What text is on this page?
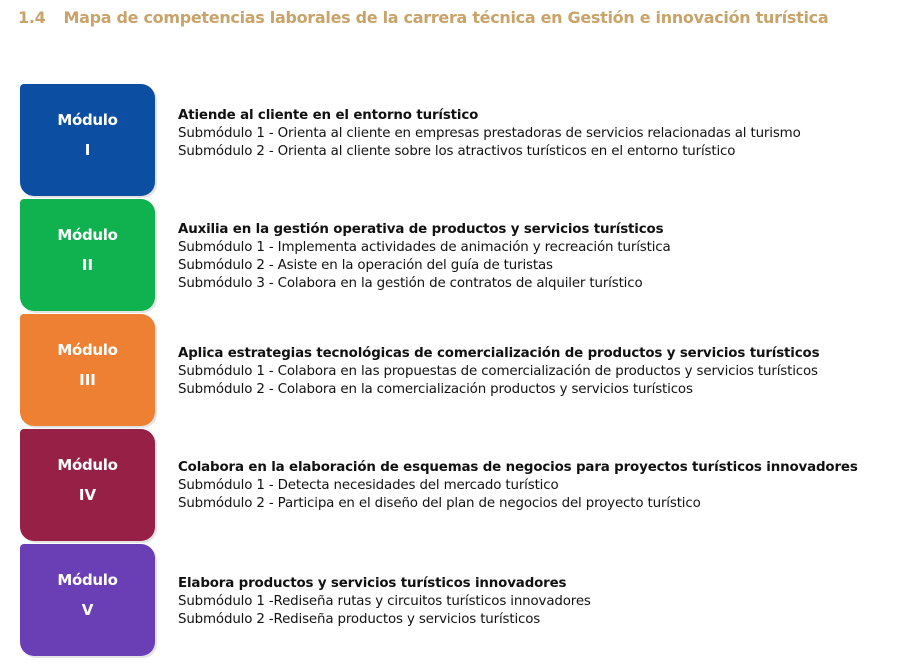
1.4 Mapa de competencias laborales de la carrera técnica en Gestión e innovación turística
Módulo
I
Atiende al cliente en el entorno turístico
Submódulo 1 - Orienta al cliente en empresas prestadoras de servicios relacionadas al turismo
Submódulo 2 - Orienta al cliente sobre los atractivos turísticos en el entorno turístico
Módulo
II
Auxilia en la gestión operativa de productos y servicios turísticos
Submódulo 1 - Implementa actividades de animación y recreación turística
Submódulo 2 - Asiste en la operación del guía de turistas
Submódulo 3 - Colabora en la gestión de contratos de alquiler turístico
Módulo
III
Aplica estrategias tecnológicas de comercialización de productos y servicios turísticos
Submódulo 1 - Colabora en las propuestas de comercialización de productos y servicios turísticos
Submódulo 2 - Colabora en la comercialización productos y servicios turísticos
Módulo
IV
Colabora en la elaboración de esquemas de negocios para proyectos turísticos innovadores
Submódulo 1 - Detecta necesidades del mercado turístico
Submódulo 2 - Participa en el diseño del plan de negocios del proyecto turístico
Módulo
V
Elabora productos y servicios turísticos innovadores
Submódulo 1 -Rediseña rutas y circuitos turísticos innovadores
Submódulo 2 -Rediseña productos y servicios turísticos
